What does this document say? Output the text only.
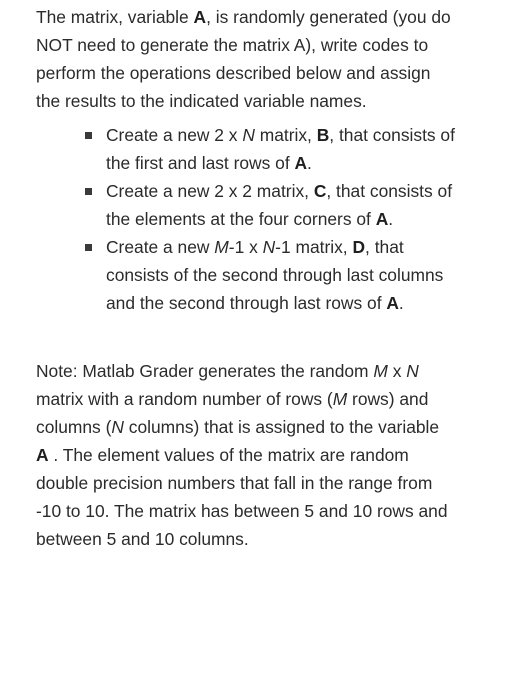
The matrix, variable A, is randomly generated (you do NOT need to generate the matrix A), write codes to perform the operations described below and assign the results to the indicated variable names.

Create a new 2 x N matrix, B, that consists of the first and last rows of A.
Create a new 2 x 2 matrix, C, that consists of the elements at the four corners of A.
Create a new M-1 x N-1 matrix, D, that consists of the second through last columns and the second through last rows of A.

Note: Matlab Grader generates the random M x N matrix with a random number of rows (M rows) and columns (N columns) that is assigned to the variable A . The element values of the matrix are random double precision numbers that fall in the range from -10 to 10. The matrix has between 5 and 10 rows and between 5 and 10 columns.
